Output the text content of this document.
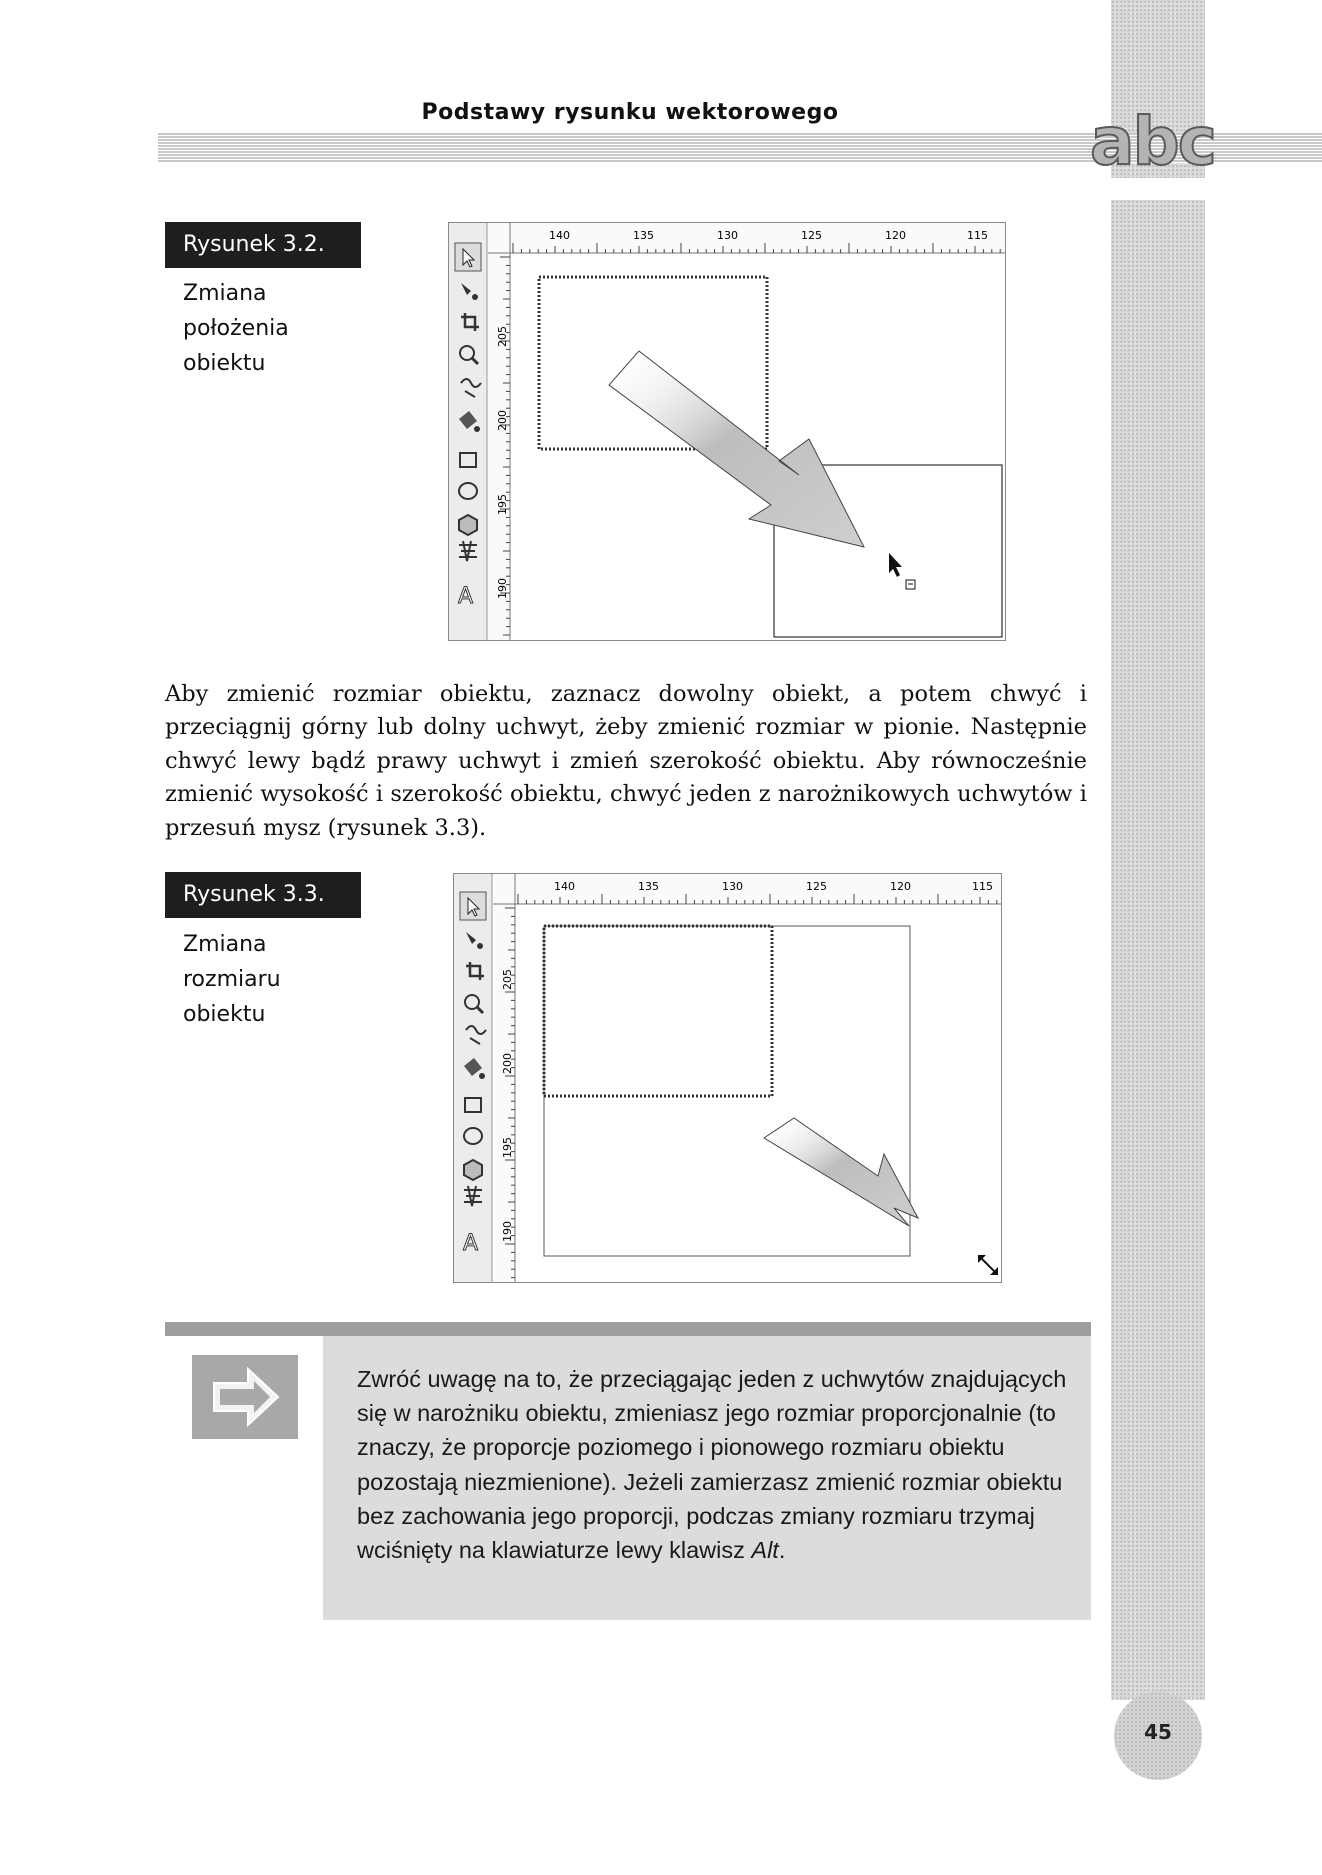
Podstawy rysunku wektorowego	abc
Rysunek 3.2.
Zmiana
położenia
obiektu
A
140	135	130	125	120	115
205
200
195
190
Aby zmienić rozmiar obiektu, zaznacz dowolny obiekt, a potem chwyć i przeciągnij górny lub dolny uchwyt, żeby zmienić rozmiar w pionie. Następnie chwyć lewy bądź prawy uchwyt i zmień szerokość obiektu. Aby równocześnie zmienić wysokość i szerokość obiektu, chwyć jeden z narożnikowych uchwytów i przesuń mysz (rysunek 3.3).
Rysunek 3.3.
Zmiana
rozmiaru
obiektu
A
140	135	130	125	120	115
205
200
195
190
Zwróć uwagę na to, że przeciągając jeden z uchwytów znajdujących się w narożniku obiektu, zmieniasz jego rozmiar proporcjonalnie (to znaczy, że proporcje poziomego i pionowego rozmiaru obiektu pozostają niezmienione). Jeżeli zamierzasz zmienić rozmiar obiektu bez zachowania jego proporcji, podczas zmiany rozmiaru trzymaj wciśnięty na klawiaturze lewy klawisz Alt.
45
